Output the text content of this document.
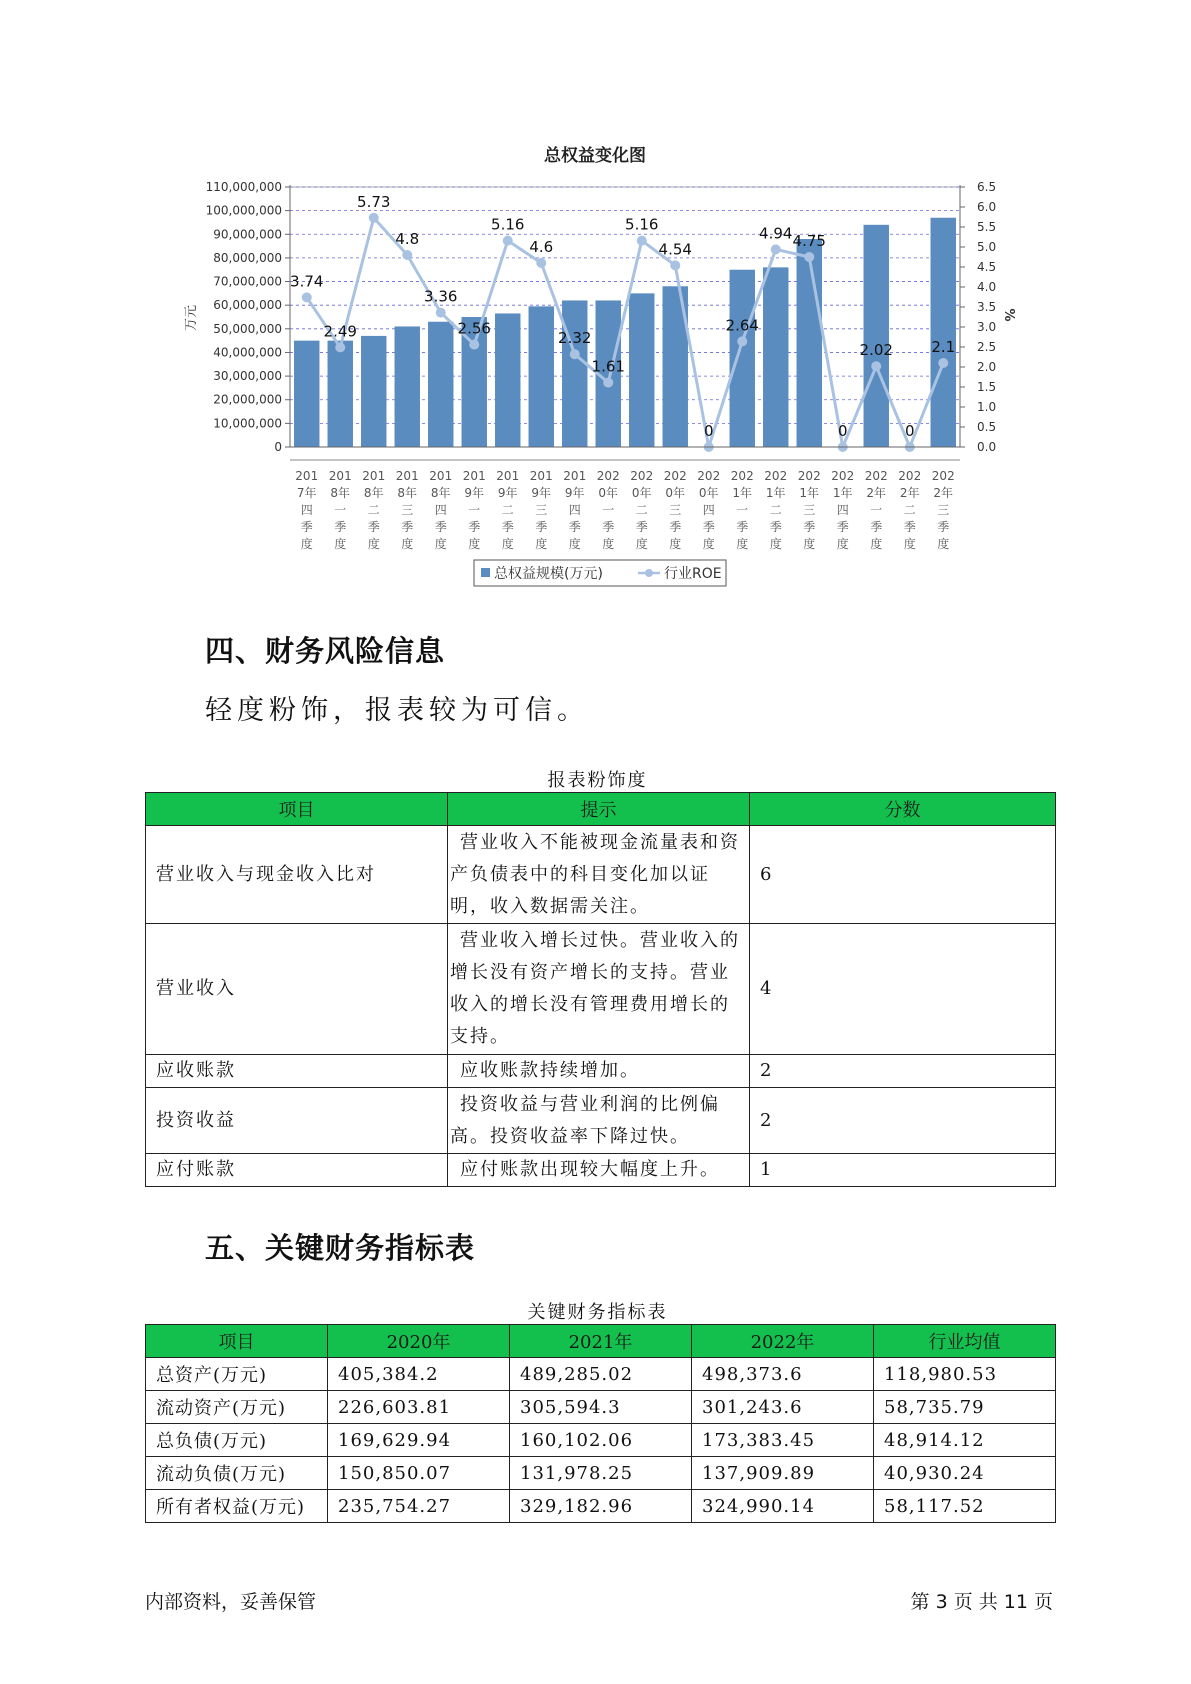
总权益变化图
3.74
2.49
5.73
4.8
3.36
2.56
5.16
4.6
2.32
1.61
5.16
4.54
0
2.64
4.94 4.75
0
2.02
0
2.1
0
10,000,000
20,000,000
30,000,000
40,000,000
50,000,000
60,000,000
70,000,000
80,000,000
90,000,000
100,000,000
110,000,000
0.0
0.5
1.0
1.5
2.0
2.5
3.0
3.5
4.0
4.5
5.0
5.5
6.0
6.5
201 7年四季度
201 8年一季度
201 8年二季度
201 8年三季度
201 8年四季度
201 9年一季度
201 9年二季度
201 9年三季度
201 9年四季度
202 0年一季度
202 0年二季度
202 0年三季度
202 0年四季度
202 1年一季度
202 1年二季度
202 1年三季度
202 1年四季度
202 2年一季度
202 2年二季度
202 2年三季度
万元	%
总权益规模(万元)	行业ROE
四、财务风险信息
轻度粉饰，报表较为可信。
报表粉饰度
项目	提示	分数
营业收入与现金收入比对	营业收入不能被现金流量表和资产负债表中的科目变化加以证明，收入数据需关注。	6
营业收入	营业收入增长过快。营业收入的增长没有资产增长的支持。营业收入的增长没有管理费用增长的支持。	4
应收账款	应收账款持续增加。	2
投资收益	投资收益与营业利润的比例偏高。投资收益率下降过快。	2
应付账款	应付账款出现较大幅度上升。	1
五、关键财务指标表
关键财务指标表
项目	2020年	2021年	2022年	行业均值
总资产(万元)	405,384.2	489,285.02	498,373.6	118,980.53
流动资产(万元)	226,603.81	305,594.3	301,243.6	58,735.79
总负债(万元)	169,629.94	160,102.06	173,383.45	48,914.12
流动负债(万元)	150,850.07	131,978.25	137,909.89	40,930.24
所有者权益(万元)	235,754.27	329,182.96	324,990.14	58,117.52
内部资料，妥善保管	第 3 页 共 11 页
